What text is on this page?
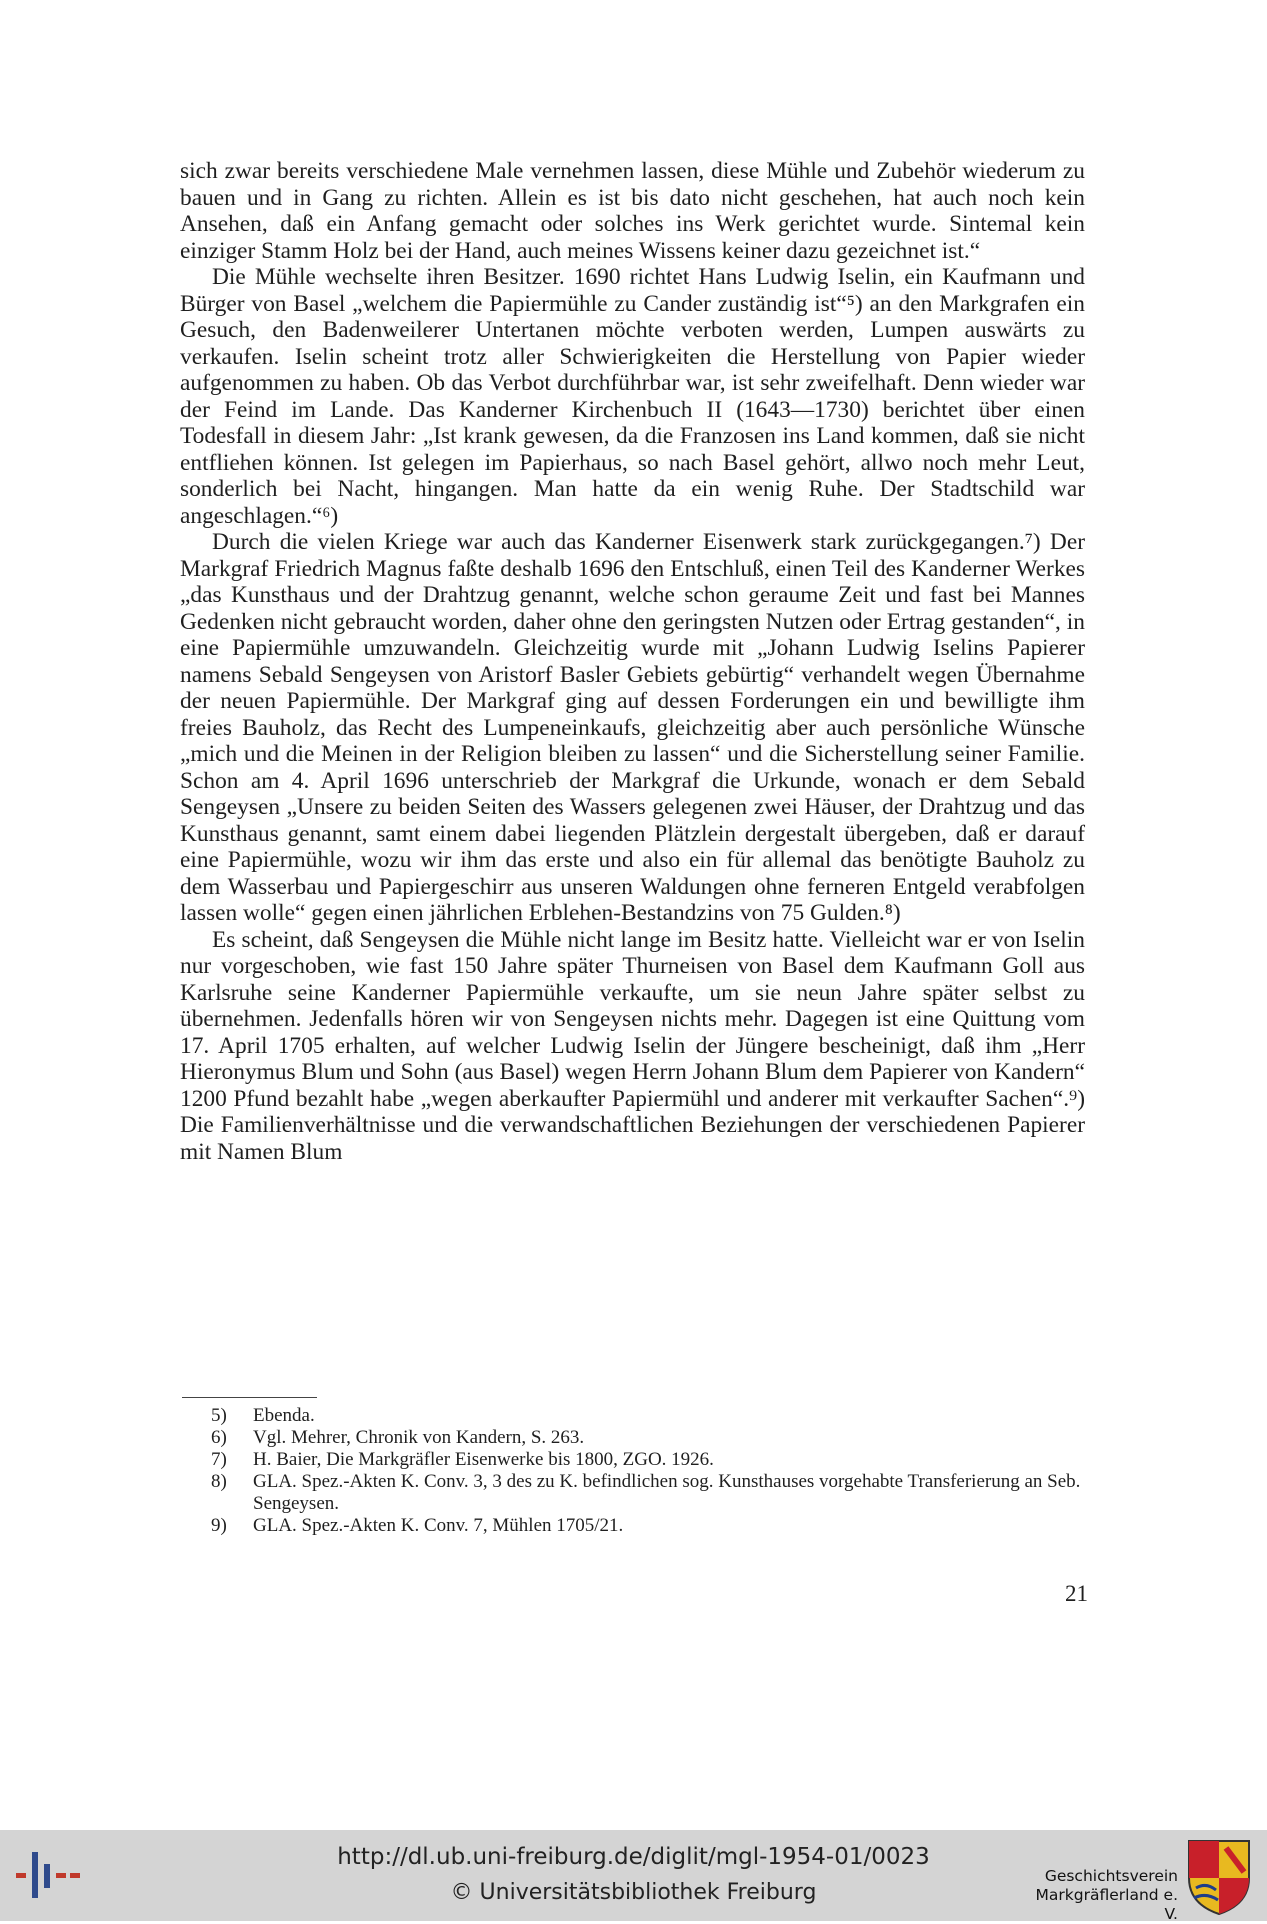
sich zwar bereits verschiedene Male vernehmen lassen, diese Mühle und Zubehör wiederum zu bauen und in Gang zu richten. Allein es ist bis dato nicht geschehen, hat auch noch kein Ansehen, daß ein Anfang gemacht oder solches ins Werk gerichtet wurde. Sintemal kein einziger Stamm Holz bei der Hand, auch meines Wissens keiner dazu gezeichnet ist.“

Die Mühle wechselte ihren Besitzer. 1690 richtet Hans Ludwig Iselin, ein Kaufmann und Bürger von Basel „welchem die Papiermühle zu Cander zuständig ist“⁵) an den Markgrafen ein Gesuch, den Badenweilerer Untertanen möchte verboten werden, Lumpen auswärts zu verkaufen. Iselin scheint trotz aller Schwierigkeiten die Herstellung von Papier wieder aufgenommen zu haben. Ob das Verbot durchführbar war, ist sehr zweifelhaft. Denn wieder war der Feind im Lande. Das Kanderner Kirchenbuch II (1643—1730) berichtet über einen Todesfall in diesem Jahr: „Ist krank gewesen, da die Franzosen ins Land kommen, daß sie nicht entfliehen können. Ist gelegen im Papierhaus, so nach Basel gehört, allwo noch mehr Leut, sonderlich bei Nacht, hingangen. Man hatte da ein wenig Ruhe. Der Stadtschild war angeschlagen.“⁶)

Durch die vielen Kriege war auch das Kanderner Eisenwerk stark zurückgegangen.⁷) Der Markgraf Friedrich Magnus faßte deshalb 1696 den Entschluß, einen Teil des Kanderner Werkes „das Kunsthaus und der Drahtzug genannt, welche schon geraume Zeit und fast bei Mannes Gedenken nicht gebraucht worden, daher ohne den geringsten Nutzen oder Ertrag gestanden“, in eine Papiermühle umzuwandeln. Gleichzeitig wurde mit „Johann Ludwig Iselins Papierer namens Sebald Sengeysen von Aristorf Basler Gebiets gebürtig“ verhandelt wegen Übernahme der neuen Papiermühle. Der Markgraf ging auf dessen Forderungen ein und bewilligte ihm freies Bauholz, das Recht des Lumpeneinkaufs, gleichzeitig aber auch persönliche Wünsche „mich und die Meinen in der Religion bleiben zu lassen“ und die Sicherstellung seiner Familie. Schon am 4. April 1696 unterschrieb der Markgraf die Urkunde, wonach er dem Sebald Sengeysen „Unsere zu beiden Seiten des Wassers gelegenen zwei Häuser, der Drahtzug und das Kunsthaus genannt, samt einem dabei liegenden Plätzlein dergestalt übergeben, daß er darauf eine Papiermühle, wozu wir ihm das erste und also ein für allemal das benötigte Bauholz zu dem Wasserbau und Papiergeschirr aus unseren Waldungen ohne ferneren Entgeld verabfolgen lassen wolle“ gegen einen jährlichen Erblehen-Bestandzins von 75 Gulden.⁸)

Es scheint, daß Sengeysen die Mühle nicht lange im Besitz hatte. Vielleicht war er von Iselin nur vorgeschoben, wie fast 150 Jahre später Thurneisen von Basel dem Kaufmann Goll aus Karlsruhe seine Kanderner Papiermühle verkaufte, um sie neun Jahre später selbst zu übernehmen. Jedenfalls hören wir von Sengeysen nichts mehr. Dagegen ist eine Quittung vom 17. April 1705 erhalten, auf welcher Ludwig Iselin der Jüngere bescheinigt, daß ihm „Herr Hieronymus Blum und Sohn (aus Basel) wegen Herrn Johann Blum dem Papierer von Kandern“ 1200 Pfund bezahlt habe „wegen aberkaufter Papiermühl und anderer mit verkaufter Sachen“.⁹) Die Familienverhältnisse und die verwandschaftlichen Beziehungen der verschiedenen Papierer mit Namen Blum

5) Ebenda.

6) Vgl. Mehrer, Chronik von Kandern, S. 263.

7) H. Baier, Die Markgräfler Eisenwerke bis 1800, ZGO. 1926.

8) GLA. Spez.-Akten K. Conv. 3, 3 des zu K. befindlichen sog. Kunsthauses vorgehabte Transferierung an Seb. Sengeysen.

9) GLA. Spez.-Akten K. Conv. 7, Mühlen 1705/21.

21
http://dl.ub.uni-freiburg.de/diglit/mgl-1954-01/0023
© Universitätsbibliothek Freiburg
Geschichtsverein
Markgräflerland e. V.
